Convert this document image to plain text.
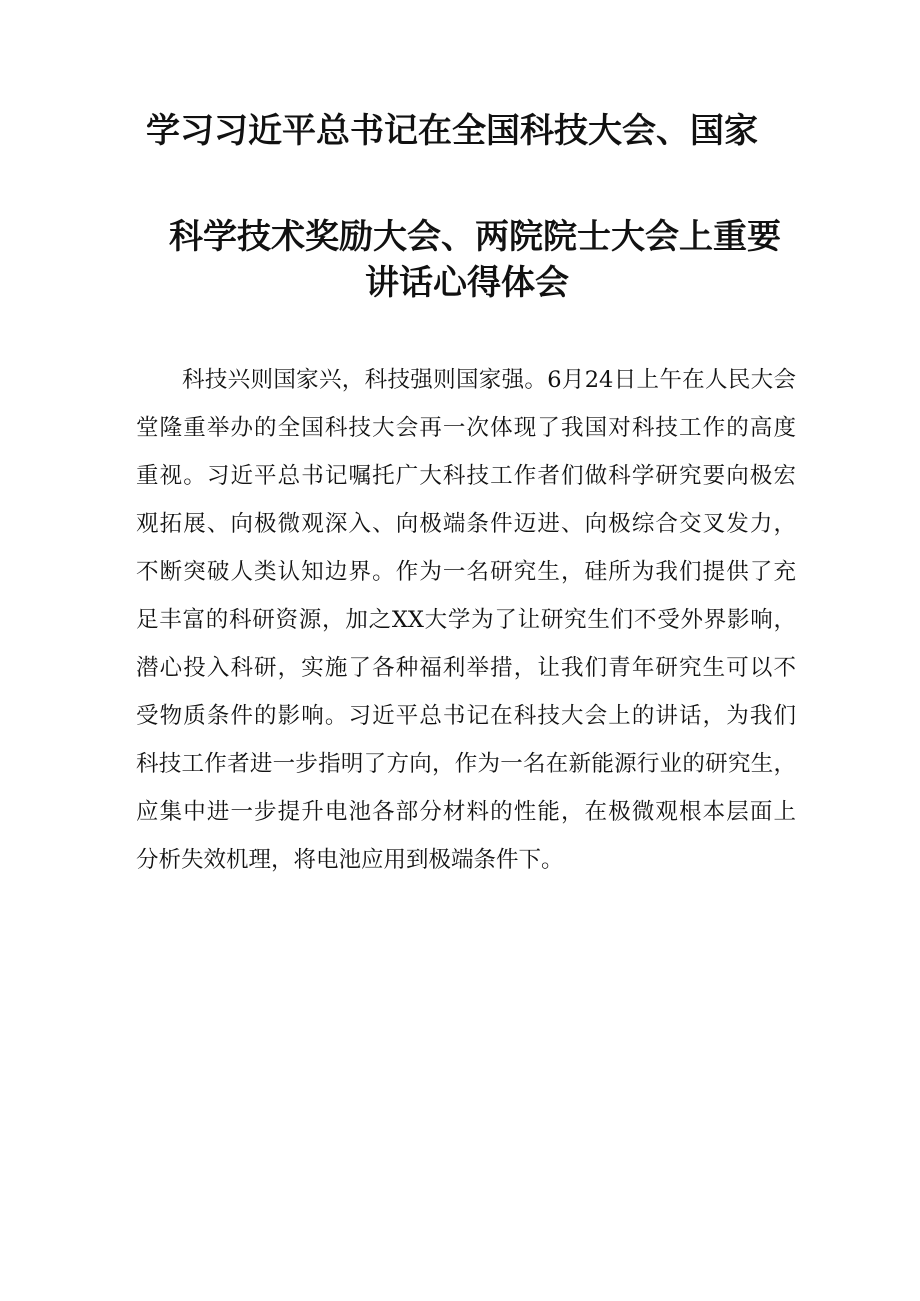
学习习近平总书记在全国科技大会、国家
科学技术奖励大会、两院院士大会上重要
讲话心得体会
科技兴则国家兴，科技强则国家强。6月24日上午在人民大会
堂隆重举办的全国科技大会再一次体现了我国对科技工作的高度
重视。习近平总书记嘱托广大科技工作者们做科学研究要向极宏
观拓展、向极微观深入、向极端条件迈进、向极综合交叉发力，
不断突破人类认知边界。作为一名研究生，硅所为我们提供了充
足丰富的科研资源，加之XX大学为了让研究生们不受外界影响，
潜心投入科研，实施了各种福利举措，让我们青年研究生可以不
受物质条件的影响。习近平总书记在科技大会上的讲话，为我们
科技工作者进一步指明了方向，作为一名在新能源行业的研究生，
应集中进一步提升电池各部分材料的性能，在极微观根本层面上
分析失效机理，将电池应用到极端条件下。
